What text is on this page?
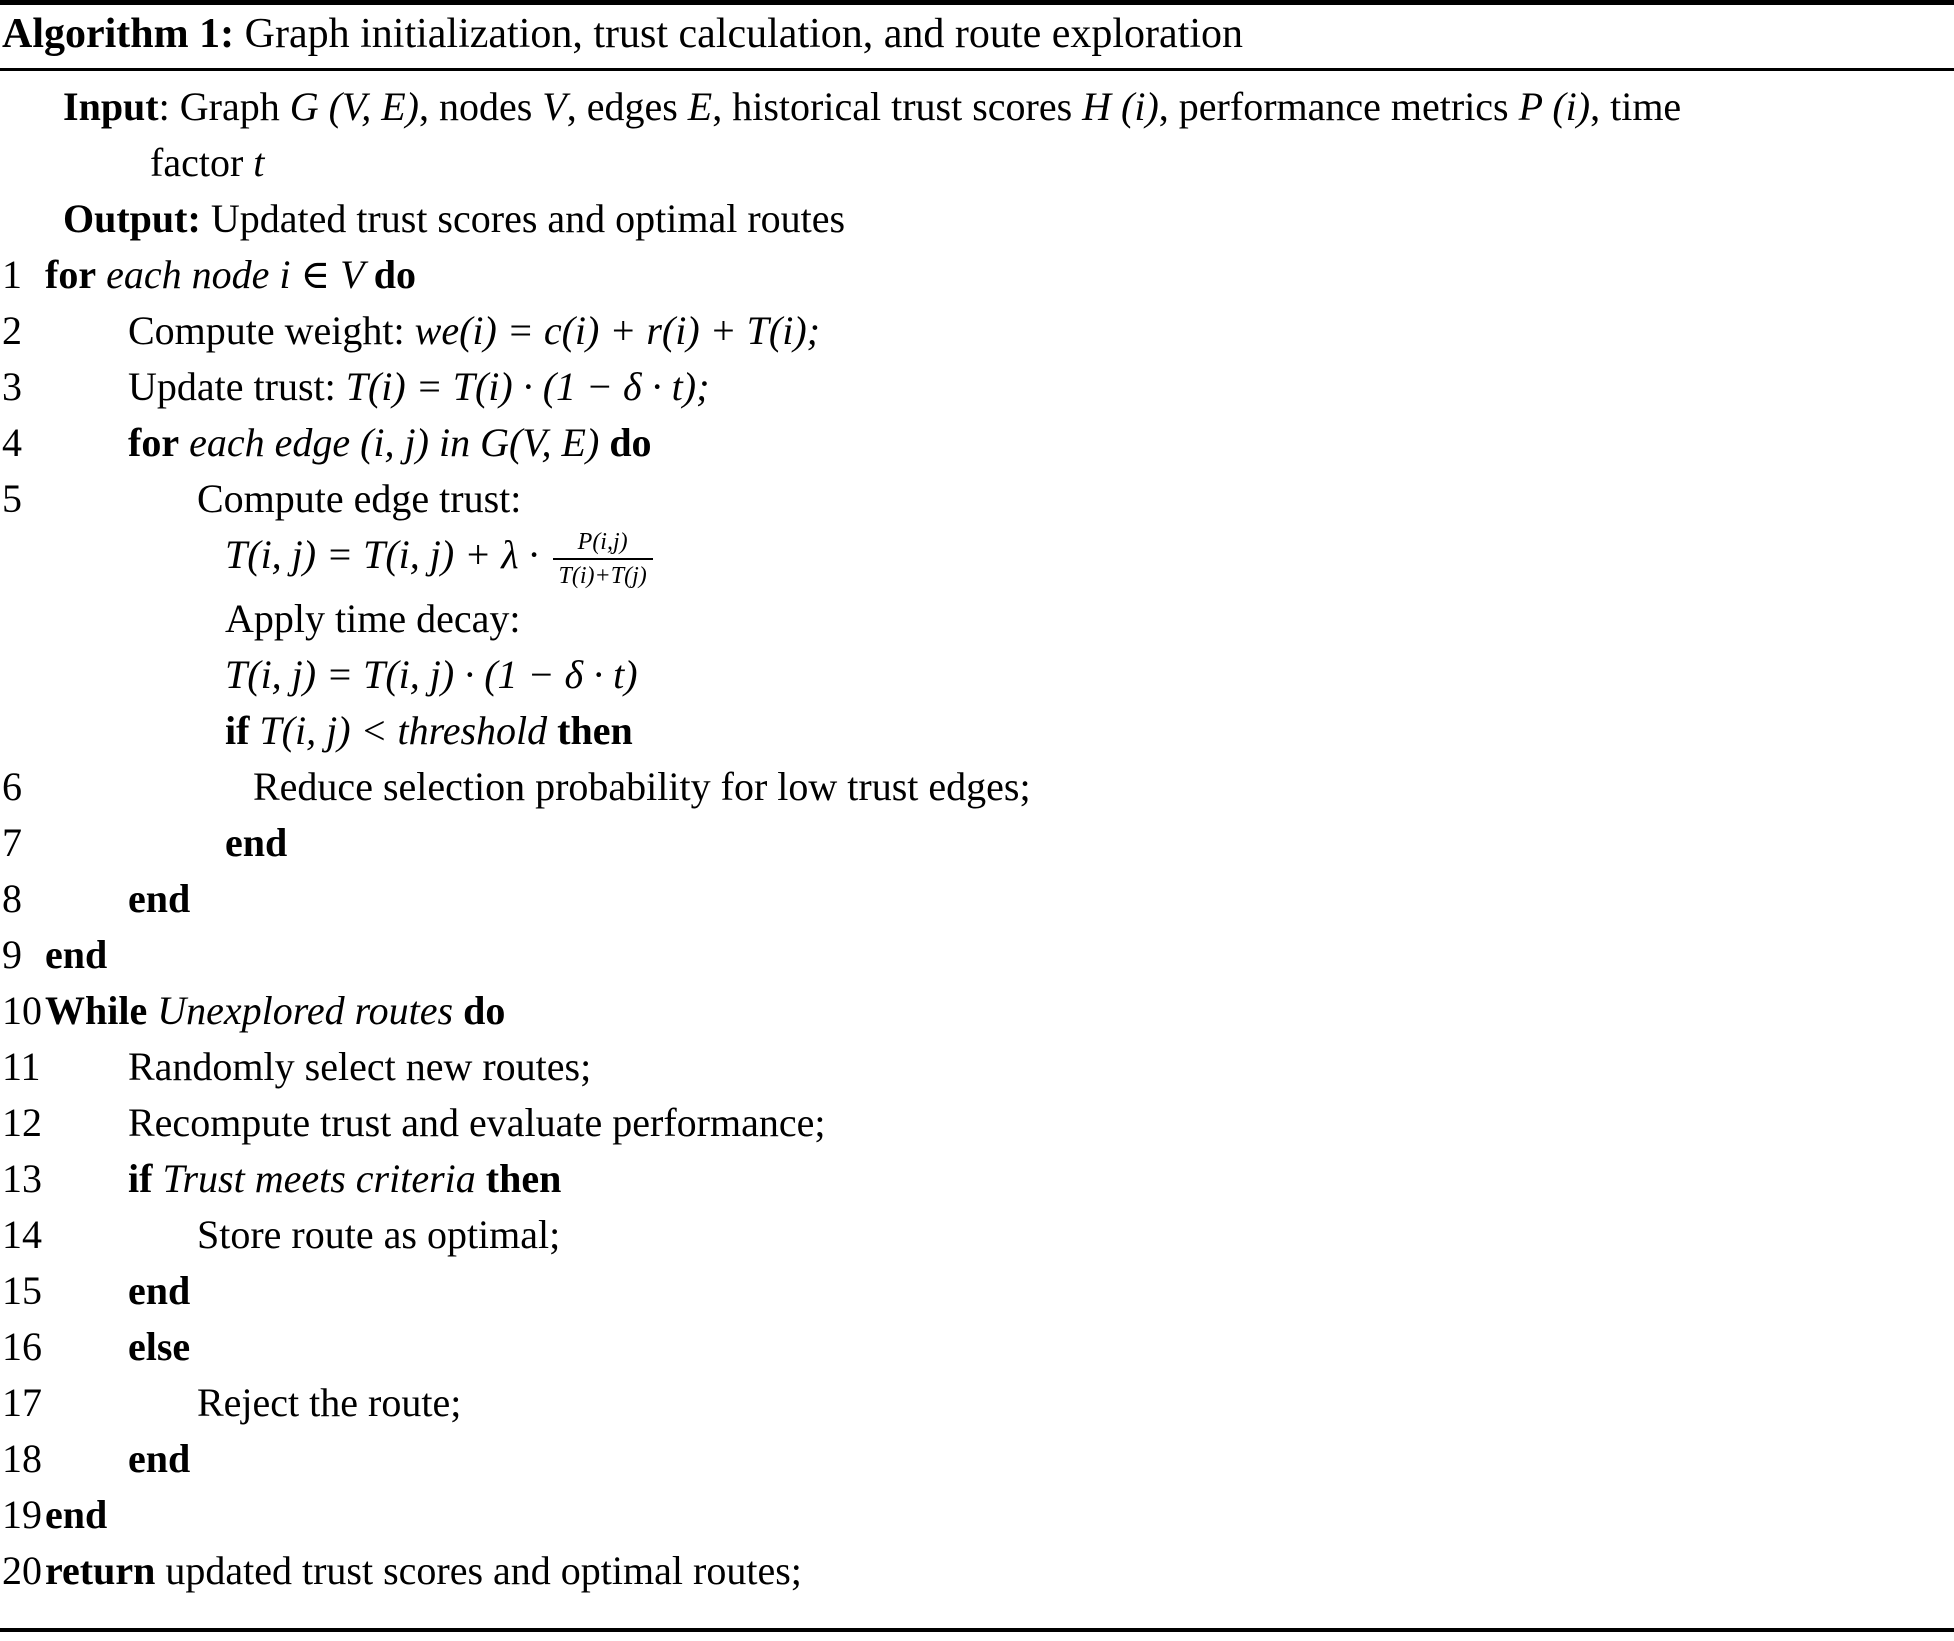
Algorithm 1: Graph initialization, trust calculation, and route exploration
Input: Graph G (V, E), nodes V, edges E, historical trust scores H (i), performance metrics P (i), time
factor t
Output: Updated trust scores and optimal routes
1 for each node i ∈ V do
2	Compute weight: we(i) = c(i) + r(i) + T(i);
3	Update trust: T(i) = T(i) · (1 − δ · t);
4	for each edge (i, j) in G(V, E) do
5	Compute edge trust:
T(i, j) = T(i, $j) + \lambda \cdot \frac{P(i,j)}{T(i)+T(j)}$
Apply time decay:
T(i, j) = T(i, j) · (1 − δ · t)
if T(i, j) < threshold then
6	Reduce selection probability for low trust edges;
7	end
8	end
9 end
10 While Unexplored routes do
11	Randomly select new routes;
12	Recompute trust and evaluate performance;
13	if Trust meets criteria then
14	Store route as optimal;
15	end
16	else
17	Reject the route;
18	end
19 end
20 return updated trust scores and optimal routes;
